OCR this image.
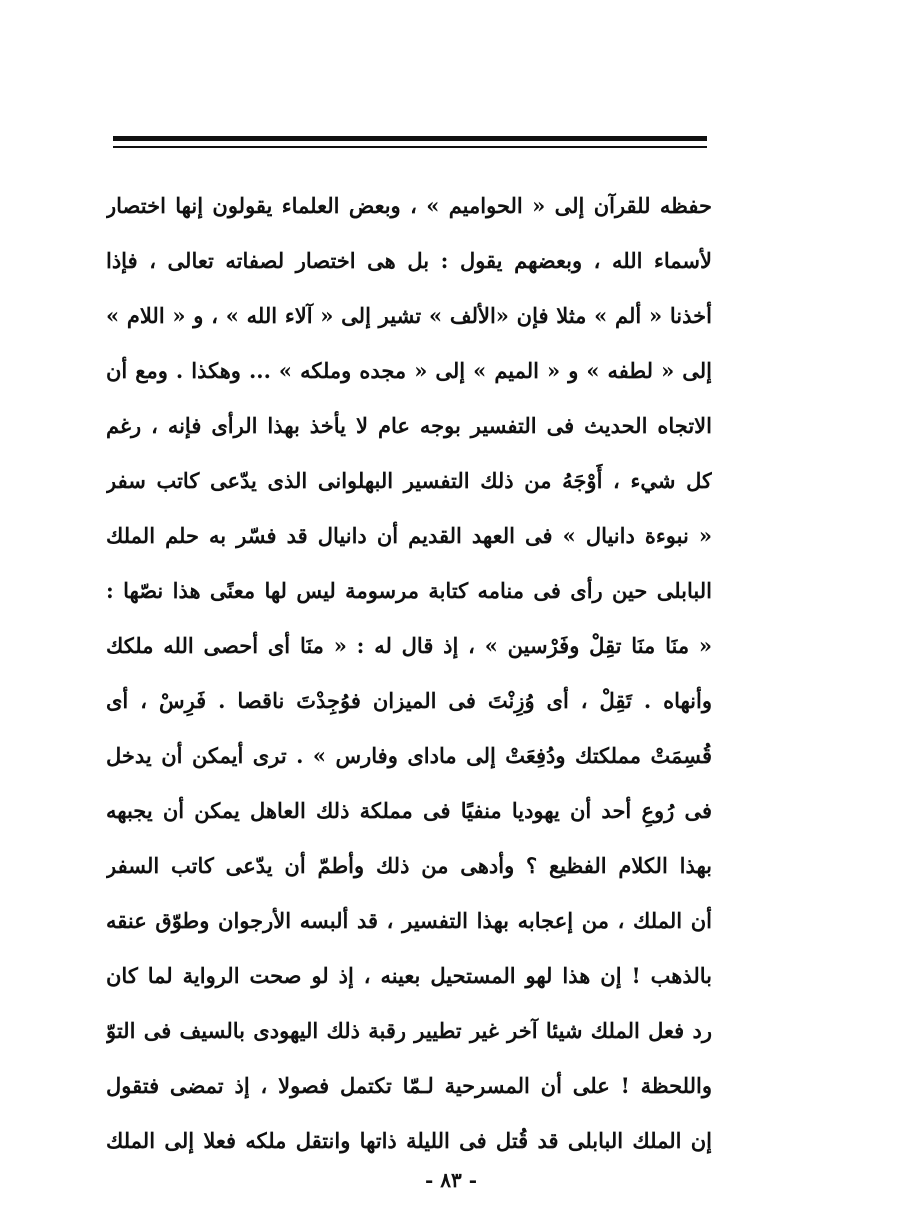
حفظه للقرآن إلى « الحواميم » ، وبعض العلماء يقولون إنها اختصار
لأسماء الله ، وبعضهم يقول : بل هى اختصار لصفاته تعالى ، فإذا
أخذنا « ألم » مثلا فإن «الألف » تشير إلى « آلاء الله » ، و « اللام »
إلى « لطفه » و « الميم » إلى « مجده وملكه » ... وهكذا . ومع أن
الاتجاه الحديث فى التفسير بوجه عام لا يأخذ بهذا الرأى فإنه ، رغم
كل شيء ، أَوْجَهُ من ذلك التفسير البهلوانى الذى يدّعى كاتب سفر
« نبوءة دانيال » فى العهد القديم أن دانيال قد فسّر به حلم الملك
البابلى حين رأى فى منامه كتابة مرسومة ليس لها معنًى هذا نصّها :
« منَا منَا تقِلْ وفَرْسين » ، إذ قال له : « منَا أى أحصى الله ملكك
وأنهاه . تَقِلْ ، أى وُزِنْتَ فى الميزان فوُجِدْتَ ناقصا . فَرِسْ ، أى
قُسِمَتْ مملكتك ودُفِعَتْ إلى مادای وفارس » . ترى أيمكن أن يدخل
فى رُوعِ أحد أن يهوديا منفيًا فى مملكة ذلك العاهل يمكن أن يجبهه
بهذا الكلام الفظيع ؟ وأدهى من ذلك وأطمّ أن يدّعى كاتب السفر
أن الملك ، من إعجابه بهذا التفسير ، قد ألبسه الأرجوان وطوّق عنقه
بالذهب ! إن هذا لهو المستحيل بعينه ، إذ لو صحت الرواية لما كان
رد فعل الملك شيئا آخر غير تطيير رقبة ذلك اليهودى بالسيف فى التوّ
واللحظة ! على أن المسرحية لـمّا تكتمل فصولا ، إذ تمضى فتقول
إن الملك البابلى قد قُتل فى الليلة ذاتها وانتقل ملكه فعلا إلى الملك
- ٨٣ -
